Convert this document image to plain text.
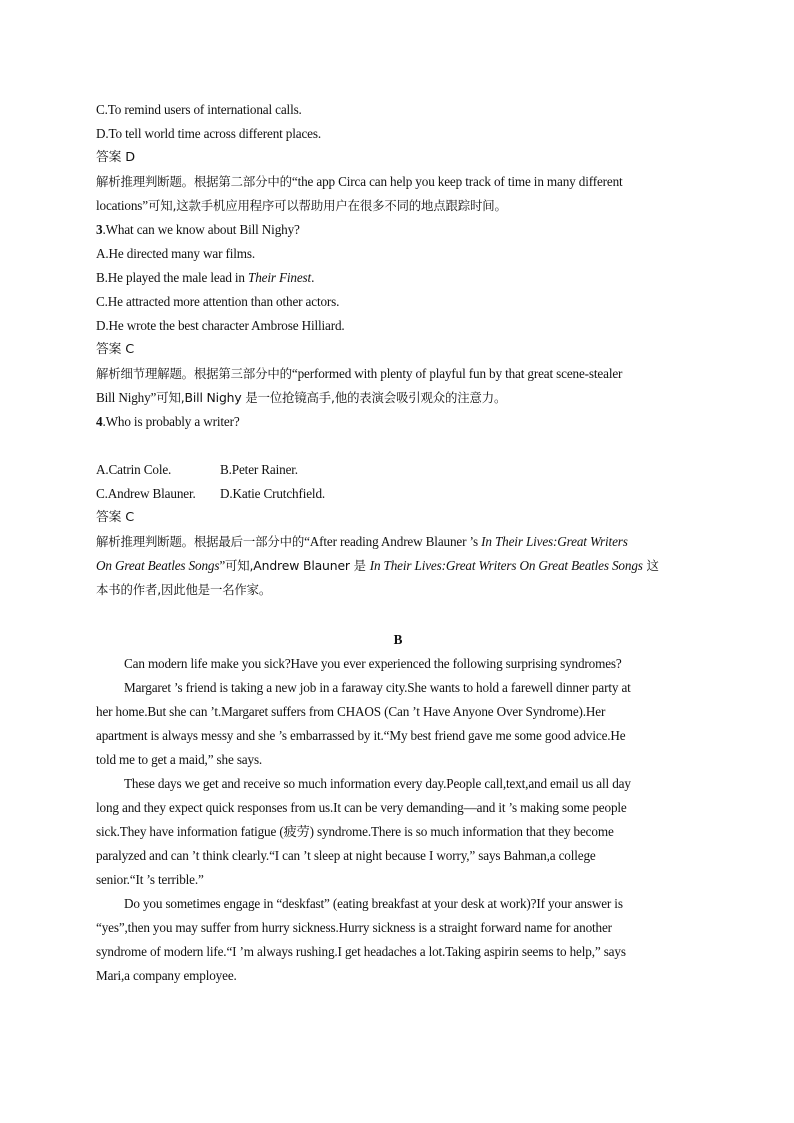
C.To remind users of international calls.
D.To tell world time across different places.
答案 D
解析推理判断题。根据第二部分中的“the app Circa can help you keep track of time in many different
locations”可知,这款手机应用程序可以帮助用户在很多不同的地点跟踪时间。
3.What can we know about Bill Nighy?
A.He directed many war films.
B.He played the male lead in Their Finest.
C.He attracted more attention than other actors.
D.He wrote the best character Ambrose Hilliard.
答案 C
解析细节理解题。根据第三部分中的“performed with plenty of playful fun by that great scene-stealer
Bill Nighy”可知,Bill Nighy 是一位抢镜高手,他的表演会吸引观众的注意力。
4.Who is probably a writer?
A.Catrin Cole.	B.Peter Rainer.
C.Andrew Blauner. D.Katie Crutchfield.
答案 C
解析推理判断题。根据最后一部分中的“After reading Andrew Blauner ’s In Their Lives:Great Writers
On Great Beatles Songs”可知,Andrew Blauner 是 In Their Lives:Great Writers On Great Beatles Songs 这
本书的作者,因此他是一名作家。
B
Can modern life make you sick?Have you ever experienced the following surprising syndromes?
Margaret ’s friend is taking a new job in a faraway city.She wants to hold a farewell dinner party at
her home.But she can ’t.Margaret suffers from CHAOS (Can ’t Have Anyone Over Syndrome).Her
apartment is always messy and she ’s embarrassed by it.“My best friend gave me some good advice.He
told me to get a maid,” she says.
These days we get and receive so much information every day.People call,text,and email us all day
long and they expect quick responses from us.It can be very demanding—and it ’s making some people
sick.They have information fatigue (疲劳) syndrome.There is so much information that they become
paralyzed and can ’t think clearly.“I can ’t sleep at night because I worry,” says Bahman,a college
senior.“It ’s terrible.”
Do you sometimes engage in “deskfast” (eating breakfast at your desk at work)?If your answer is
“yes”,then you may suffer from hurry sickness.Hurry sickness is a straight forward name for another
syndrome of modern life.“I ’m always rushing.I get headaches a lot.Taking aspirin seems to help,” says
Mari,a company employee.
